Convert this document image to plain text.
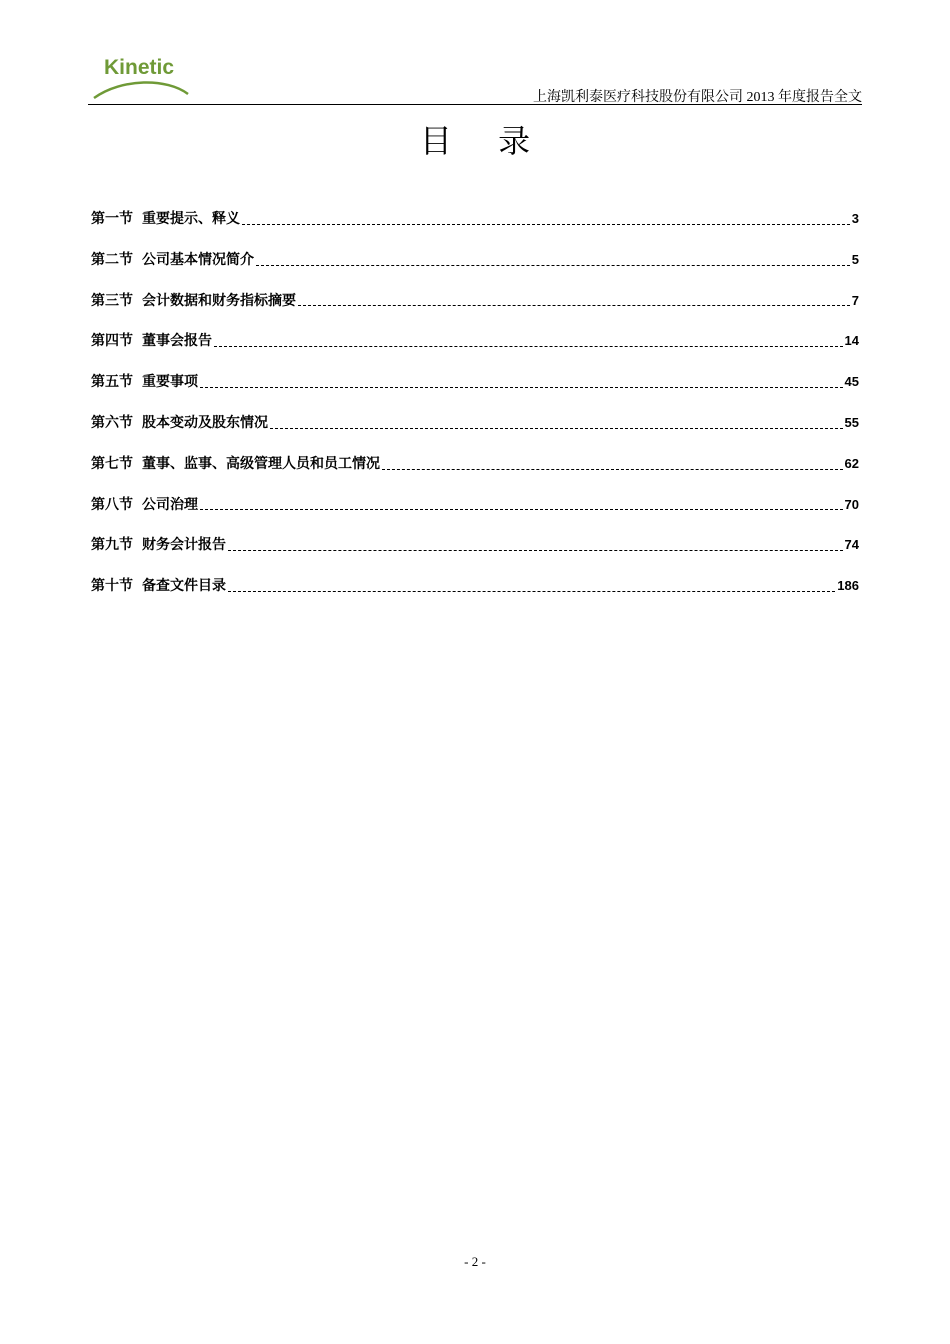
Kinetic
上海凯利泰医疗科技股份有限公司 2013 年度报告全文
目 录
第一节 重要提示、释义	3
第二节 公司基本情况简介	5
第三节 会计数据和财务指标摘要	7
第四节 董事会报告	14
第五节 重要事项	45
第六节 股本变动及股东情况	55
第七节 董事、监事、高级管理人员和员工情况	62
第八节 公司治理	70
第九节 财务会计报告	74
第十节 备查文件目录	186
- 2 -
